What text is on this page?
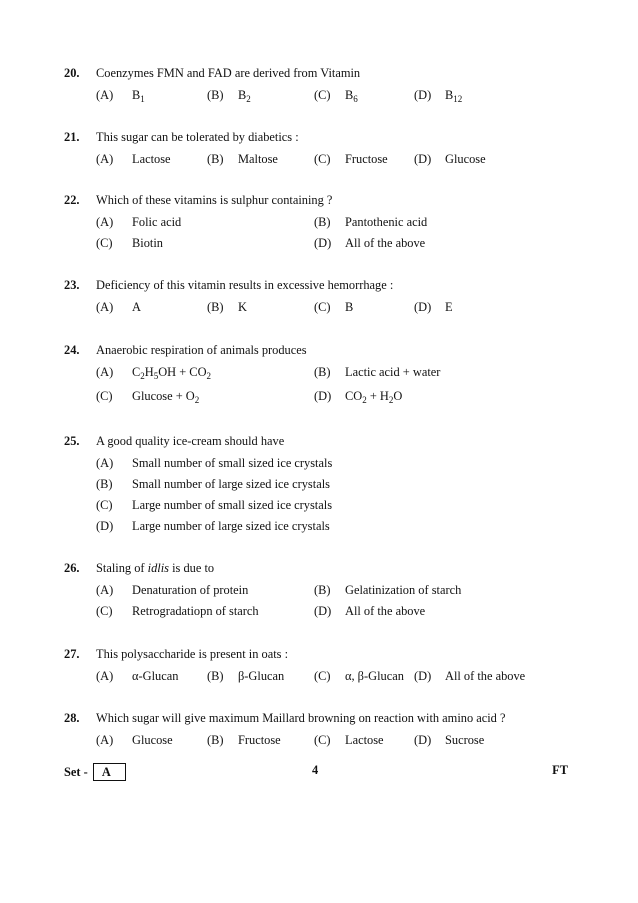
20. Coenzymes FMN and FAD are derived from Vitamin
(A) $B_1$	(B) $B_2$	(C) $B_6$	(D) $B_{12}$
21. This sugar can be tolerated by diabetics :
(A) Lactose	(B) Maltose	(C) Fructose (D) Glucose
22. Which of these vitamins is sulphur containing ?
(A) Folic acid	(B) Pantothenic acid
(C) Biotin	(D) All of the above
23. Deficiency of this vitamin results in excessive hemorrhage :
(A) A	(B) K	(C) B	(D) E
24. Anaerobic respiration of animals produces
(A) $C_2H_5OH + CO_2$	(B) Lactic acid + water
(C) $Glucose + O_2$	(D) $CO_2 + H_2O$
25. A good quality ice-cream should have
(A) Small number of small sized ice crystals
(B) Small number of large sized ice crystals
(C) Large number of small sized ice crystals
(D) Large number of large sized ice crystals
26. Staling of idlis is due to
(A) Denaturation of protein	(B) Gelatinization of starch
(C) Retrogradatiopn of starch	(D) All of the above
27. This polysaccharide is present in oats :
(A) α-Glucan (B) β-Glucan (C) α, β-Glucan (D) All of the above
28. Which sugar will give maximum Maillard browning on reaction with amino acid ?
(A) Glucose	(B) Fructose	(C) Lactose (D) Sucrose
Set - A	4	FT
